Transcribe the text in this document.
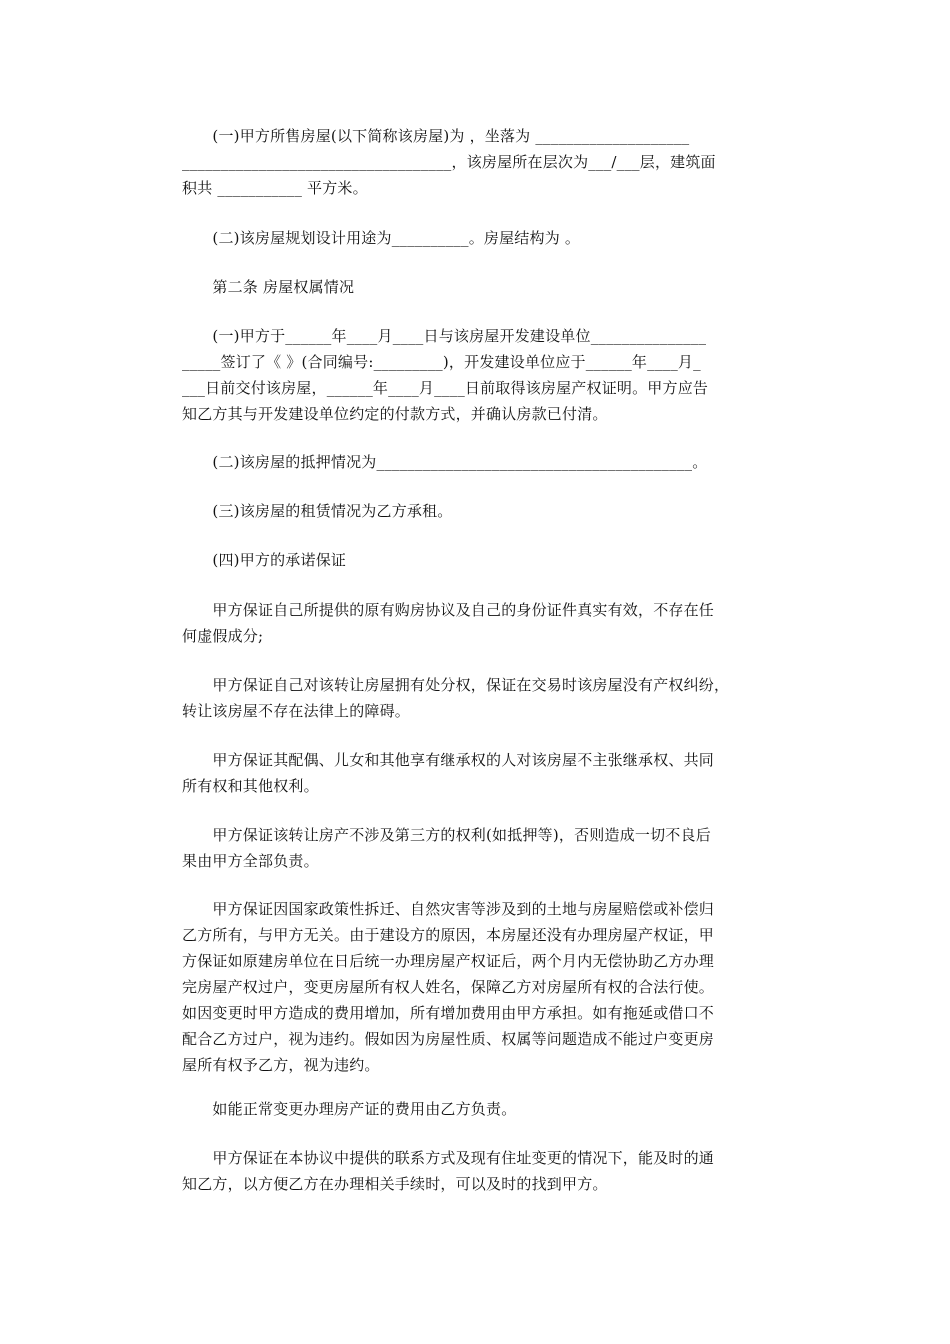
　　(一)甲方所售房屋(以下简称该房屋)为 ，坐落为 ____________________
___________________________________，该房屋所在层次为___/___层，建筑面
积共 ___________ 平方米。
　　(二)该房屋规划设计用途为__________。房屋结构为 。
　　第二条 房屋权属情况
　　(一)甲方于______年____月____日与该房屋开发建设单位_______________
_____签订了《 》(合同编号:_________)，开发建设单位应于______年____月_
___日前交付该房屋，______年____月____日前取得该房屋产权证明。甲方应告
知乙方其与开发建设单位约定的付款方式，并确认房款已付清。
　　(二)该房屋的抵押情况为_________________________________________。
　　(三)该房屋的租赁情况为乙方承租。
　　(四)甲方的承诺保证
　　甲方保证自己所提供的原有购房协议及自己的身份证件真实有效，不存在任
何虚假成分;
　　甲方保证自己对该转让房屋拥有处分权，保证在交易时该房屋没有产权纠纷，
转让该房屋不存在法律上的障碍。
　　甲方保证其配偶、儿女和其他享有继承权的人对该房屋不主张继承权、共同
所有权和其他权利。
　　甲方保证该转让房产不涉及第三方的权利(如抵押等)，否则造成一切不良后
果由甲方全部负责。
　　甲方保证因国家政策性拆迁、自然灾害等涉及到的土地与房屋赔偿或补偿归
乙方所有，与甲方无关。由于建设方的原因，本房屋还没有办理房屋产权证，甲
方保证如原建房单位在日后统一办理房屋产权证后，两个月内无偿协助乙方办理
完房屋产权过户，变更房屋所有权人姓名，保障乙方对房屋所有权的合法行使。
如因变更时甲方造成的费用增加，所有增加费用由甲方承担。如有拖延或借口不
配合乙方过户，视为违约。假如因为房屋性质、权属等问题造成不能过户变更房
屋所有权予乙方，视为违约。
　　如能正常变更办理房产证的费用由乙方负责。
　　甲方保证在本协议中提供的联系方式及现有住址变更的情况下，能及时的通
知乙方，以方便乙方在办理相关手续时，可以及时的找到甲方。
